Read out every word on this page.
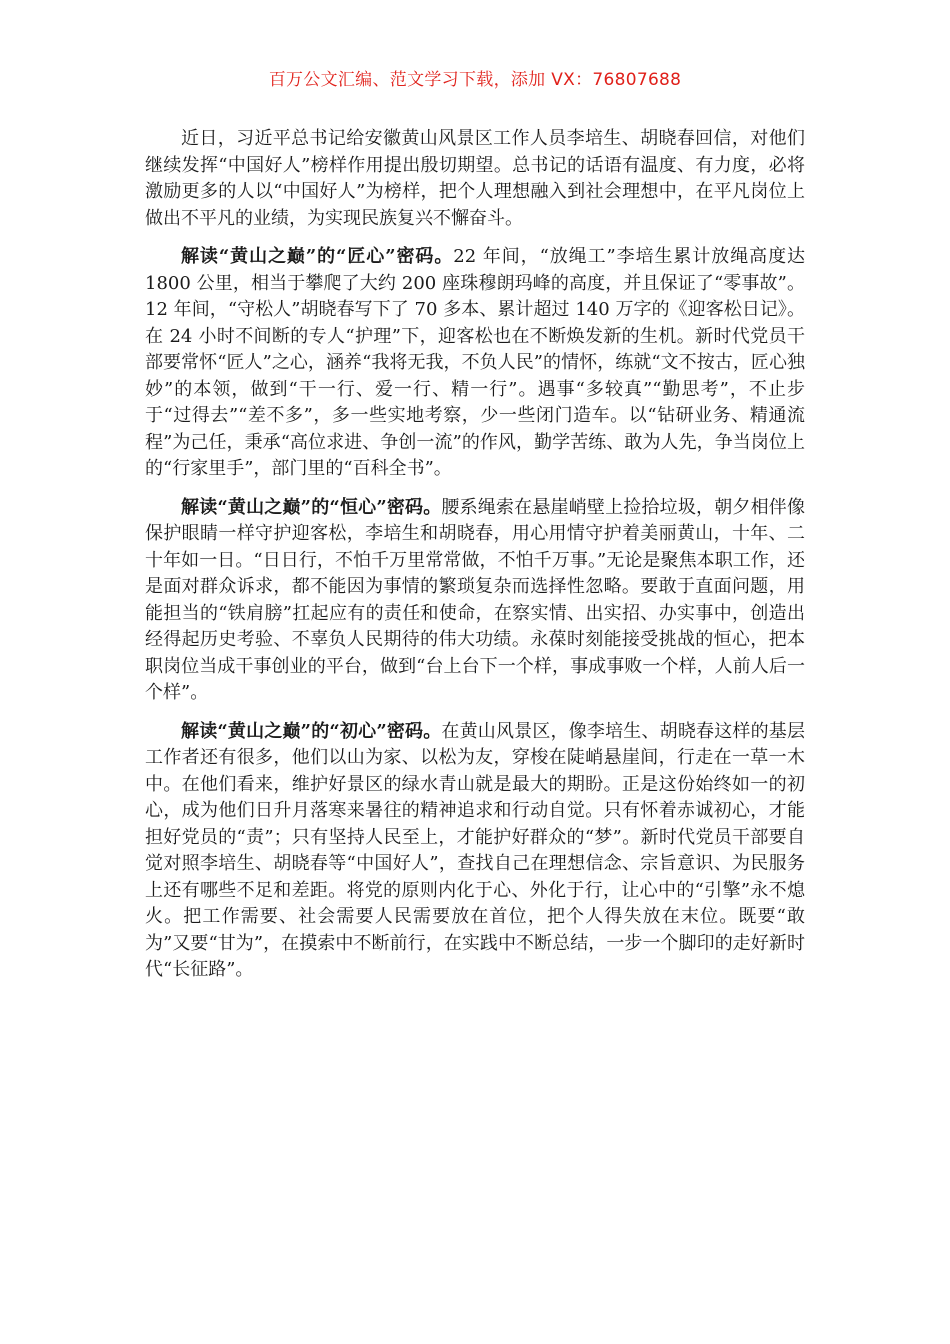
百万公文汇编、范文学习下载，添加 VX：76807688

近日，习近平总书记给安徽黄山风景区工作人员李培生、胡晓春回信，对他们继续发挥“中国好人”榜样作用提出殷切期望。总书记的话语有温度、有力度，必将激励更多的人以“中国好人”为榜样，把个人理想融入到社会理想中，在平凡岗位上做出不平凡的业绩，为实现民族复兴不懈奋斗。

解读“黄山之巅”的“匠心”密码。22 年间，“放绳工”李培生累计放绳高度达 1800 公里，相当于攀爬了大约 200 座珠穆朗玛峰的高度，并且保证了“零事故”。12 年间，“守松人”胡晓春写下了 70 多本、累计超过 140 万字的《迎客松日记》。在 24 小时不间断的专人“护理”下，迎客松也在不断焕发新的生机。新时代党员干部要常怀“匠人”之心，涵养“我将无我，不负人民”的情怀，练就“文不按古，匠心独妙”的本领，做到“干一行、爱一行、精一行”。遇事“多较真”“勤思考”，不止步于“过得去”“差不多”，多一些实地考察，少一些闭门造车。以“钻研业务、精通流程”为己任，秉承“高位求进、争创一流”的作风，勤学苦练、敢为人先，争当岗位上的“行家里手”，部门里的“百科全书”。

解读“黄山之巅”的“恒心”密码。腰系绳索在悬崖峭壁上捡拾垃圾，朝夕相伴像保护眼睛一样守护迎客松，李培生和胡晓春，用心用情守护着美丽黄山，十年、二十年如一日。“日日行，不怕千万里常常做，不怕千万事。”无论是聚焦本职工作，还是面对群众诉求，都不能因为事情的繁琐复杂而选择性忽略。要敢于直面问题，用能担当的“铁肩膀”扛起应有的责任和使命，在察实情、出实招、办实事中，创造出经得起历史考验、不辜负人民期待的伟大功绩。永葆时刻能接受挑战的恒心，把本职岗位当成干事创业的平台，做到“台上台下一个样，事成事败一个样，人前人后一个样”。

解读“黄山之巅”的“初心”密码。在黄山风景区，像李培生、胡晓春这样的基层工作者还有很多，他们以山为家、以松为友，穿梭在陡峭悬崖间，行走在一草一木中。在他们看来，维护好景区的绿水青山就是最大的期盼。正是这份始终如一的初心，成为他们日升月落寒来暑往的精神追求和行动自觉。只有怀着赤诚初心，才能担好党员的“责”；只有坚持人民至上，才能护好群众的“梦”。新时代党员干部要自觉对照李培生、胡晓春等“中国好人”，查找自己在理想信念、宗旨意识、为民服务上还有哪些不足和差距。将党的原则内化于心、外化于行，让心中的“引擎”永不熄火。把工作需要、社会需要人民需要放在首位，把个人得失放在末位。既要“敢为”又要“甘为”，在摸索中不断前行，在实践中不断总结，一步一个脚印的走好新时代“长征路”。
